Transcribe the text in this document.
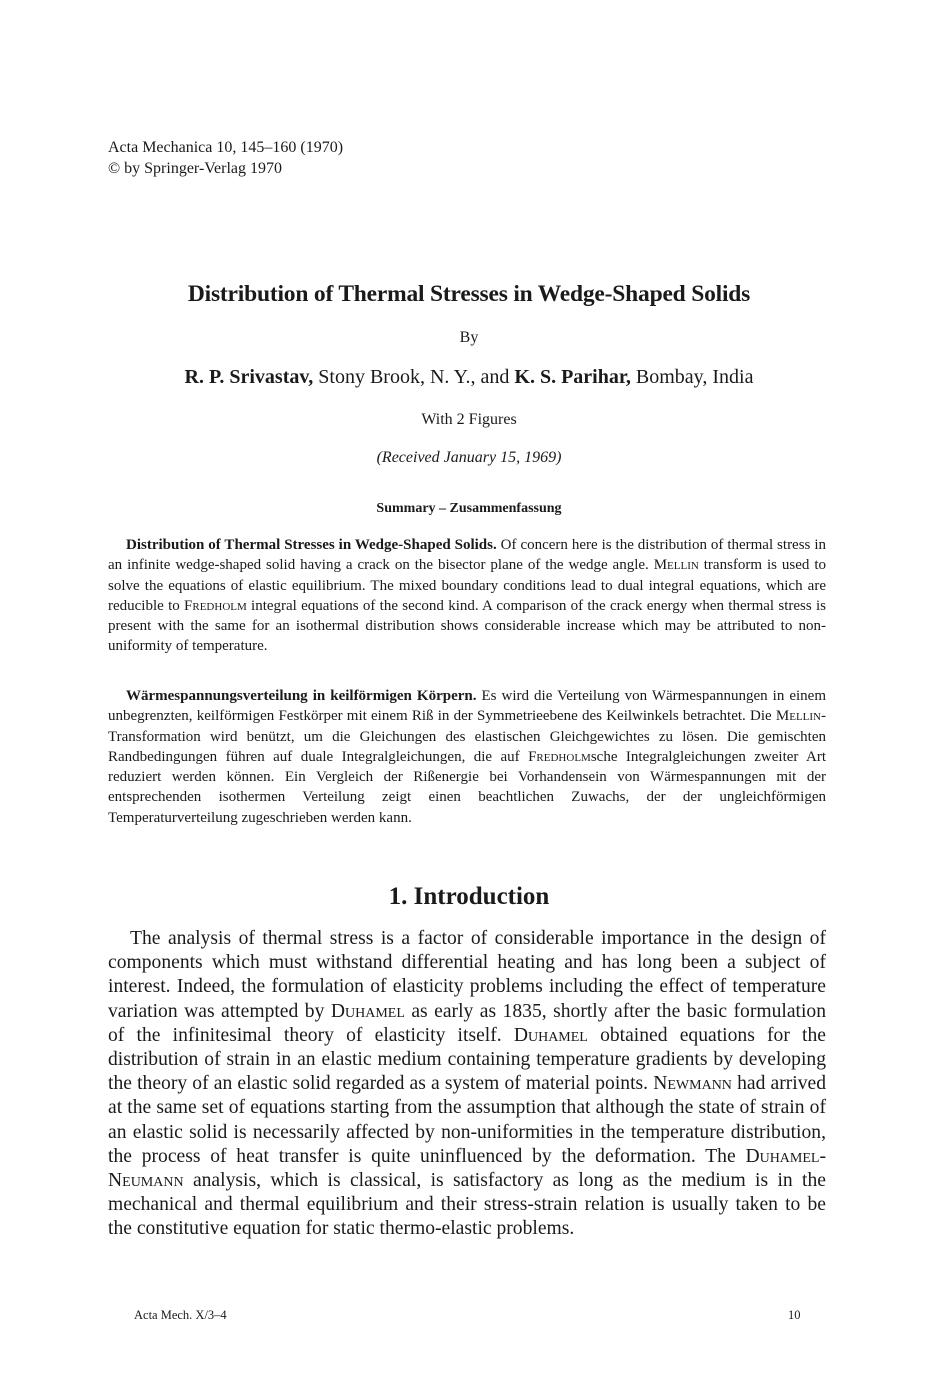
Acta Mechanica 10, 145–160 (1970)
© by Springer-Verlag 1970
Distribution of Thermal Stresses in Wedge-Shaped Solids
By
R. P. Srivastav, Stony Brook, N. Y., and K. S. Parihar, Bombay, India
With 2 Figures
(Received January 15, 1969)
Summary – Zusammenfassung

Distribution of Thermal Stresses in Wedge-Shaped Solids. Of concern here is the distribution of thermal stress in an infinite wedge-shaped solid having a crack on the bisector plane of the wedge angle. Mellin transform is used to solve the equations of elastic equilibrium. The mixed boundary conditions lead to dual integral equations, which are reducible to Fredholm integral equations of the second kind. A comparison of the crack energy when thermal stress is present with the same for an isothermal distribution shows considerable increase which may be attributed to non-uniformity of temperature.

Wärmespannungsverteilung in keilförmigen Körpern. Es wird die Verteilung von Wärmespannungen in einem unbegrenzten, keilförmigen Festkörper mit einem Riß in der Symmetrieebene des Keilwinkels betrachtet. Die Mellin-Transformation wird benützt, um die Gleichungen des elastischen Gleichgewichtes zu lösen. Die gemischten Randbedingungen führen auf duale Integralgleichungen, die auf Fredholmsche Integralgleichungen zweiter Art reduziert werden können. Ein Vergleich der Rißenergie bei Vorhandensein von Wärmespannungen mit der entsprechenden isothermen Verteilung zeigt einen beachtlichen Zuwachs, der der ungleichförmigen Temperaturverteilung zugeschrieben werden kann.

1. Introduction

The analysis of thermal stress is a factor of considerable importance in the design of components which must withstand differential heating and has long been a subject of interest. Indeed, the formulation of elasticity problems including the effect of temperature variation was attempted by Duhamel as early as 1835, shortly after the basic formulation of the infinitesimal theory of elasticity itself. Duhamel obtained equations for the distribution of strain in an elastic medium containing temperature gradients by developing the theory of an elastic solid regarded as a system of material points. Newmann had arrived at the same set of equations starting from the assumption that although the state of strain of an elastic solid is necessarily affected by non-uniformities in the temperature distribution, the process of heat transfer is quite uninfluenced by the deformation. The Duhamel-Neumann analysis, which is classical, is satisfactory as long as the medium is in the mechanical and thermal equilibrium and their stress-strain relation is usually taken to be the constitutive equation for static thermo-elastic problems.

Acta Mech. X/3–4	10
